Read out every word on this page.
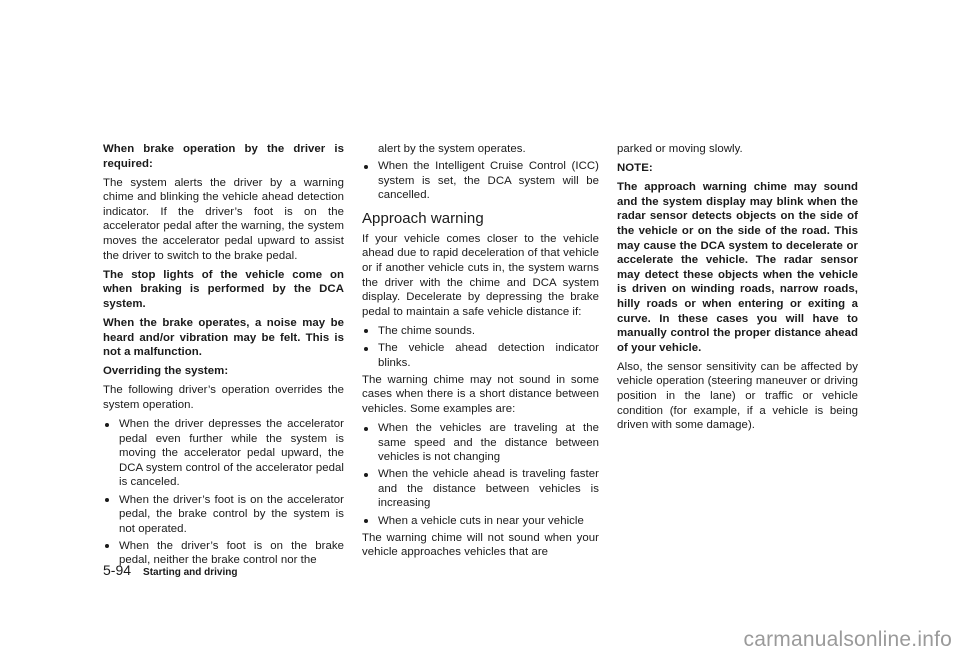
When brake operation by the driver is required:
The system alerts the driver by a warning chime and blinking the vehicle ahead detection indicator. If the driver’s foot is on the accelerator pedal after the warning, the system moves the accelerator pedal upward to assist the driver to switch to the brake pedal.
The stop lights of the vehicle come on when braking is performed by the DCA system.
When the brake operates, a noise may be heard and/or vibration may be felt. This is not a malfunction.
Overriding the system:
The following driver’s operation overrides the system operation.
When the driver depresses the accelerator pedal even further while the system is moving the accelerator pedal upward, the DCA system control of the accelerator pedal is canceled.
When the driver’s foot is on the accelerator pedal, the brake control by the system is not operated.
When the driver’s foot is on the brake pedal, neither the brake control nor the
alert by the system operates.
When the Intelligent Cruise Control (ICC) system is set, the DCA system will be cancelled.
Approach warning
If your vehicle comes closer to the vehicle ahead due to rapid deceleration of that vehicle or if another vehicle cuts in, the system warns the driver with the chime and DCA system display. Decelerate by depressing the brake pedal to maintain a safe vehicle distance if:
The chime sounds.
The vehicle ahead detection indicator blinks.
The warning chime may not sound in some cases when there is a short distance between vehicles. Some examples are:
When the vehicles are traveling at the same speed and the distance between vehicles is not changing
When the vehicle ahead is traveling faster and the distance between vehicles is increasing
When a vehicle cuts in near your vehicle
The warning chime will not sound when your vehicle approaches vehicles that are
parked or moving slowly.
NOTE:
The approach warning chime may sound and the system display may blink when the radar sensor detects objects on the side of the vehicle or on the side of the road. This may cause the DCA system to decelerate or accelerate the vehicle. The radar sensor may detect these objects when the vehicle is driven on winding roads, narrow roads, hilly roads or when entering or exiting a curve. In these cases you will have to manually control the proper distance ahead of your vehicle.
Also, the sensor sensitivity can be affected by vehicle operation (steering maneuver or driving position in the lane) or traffic or vehicle condition (for example, if a vehicle is being driven with some damage).
5-94 Starting and driving
carmanualsonline.info
